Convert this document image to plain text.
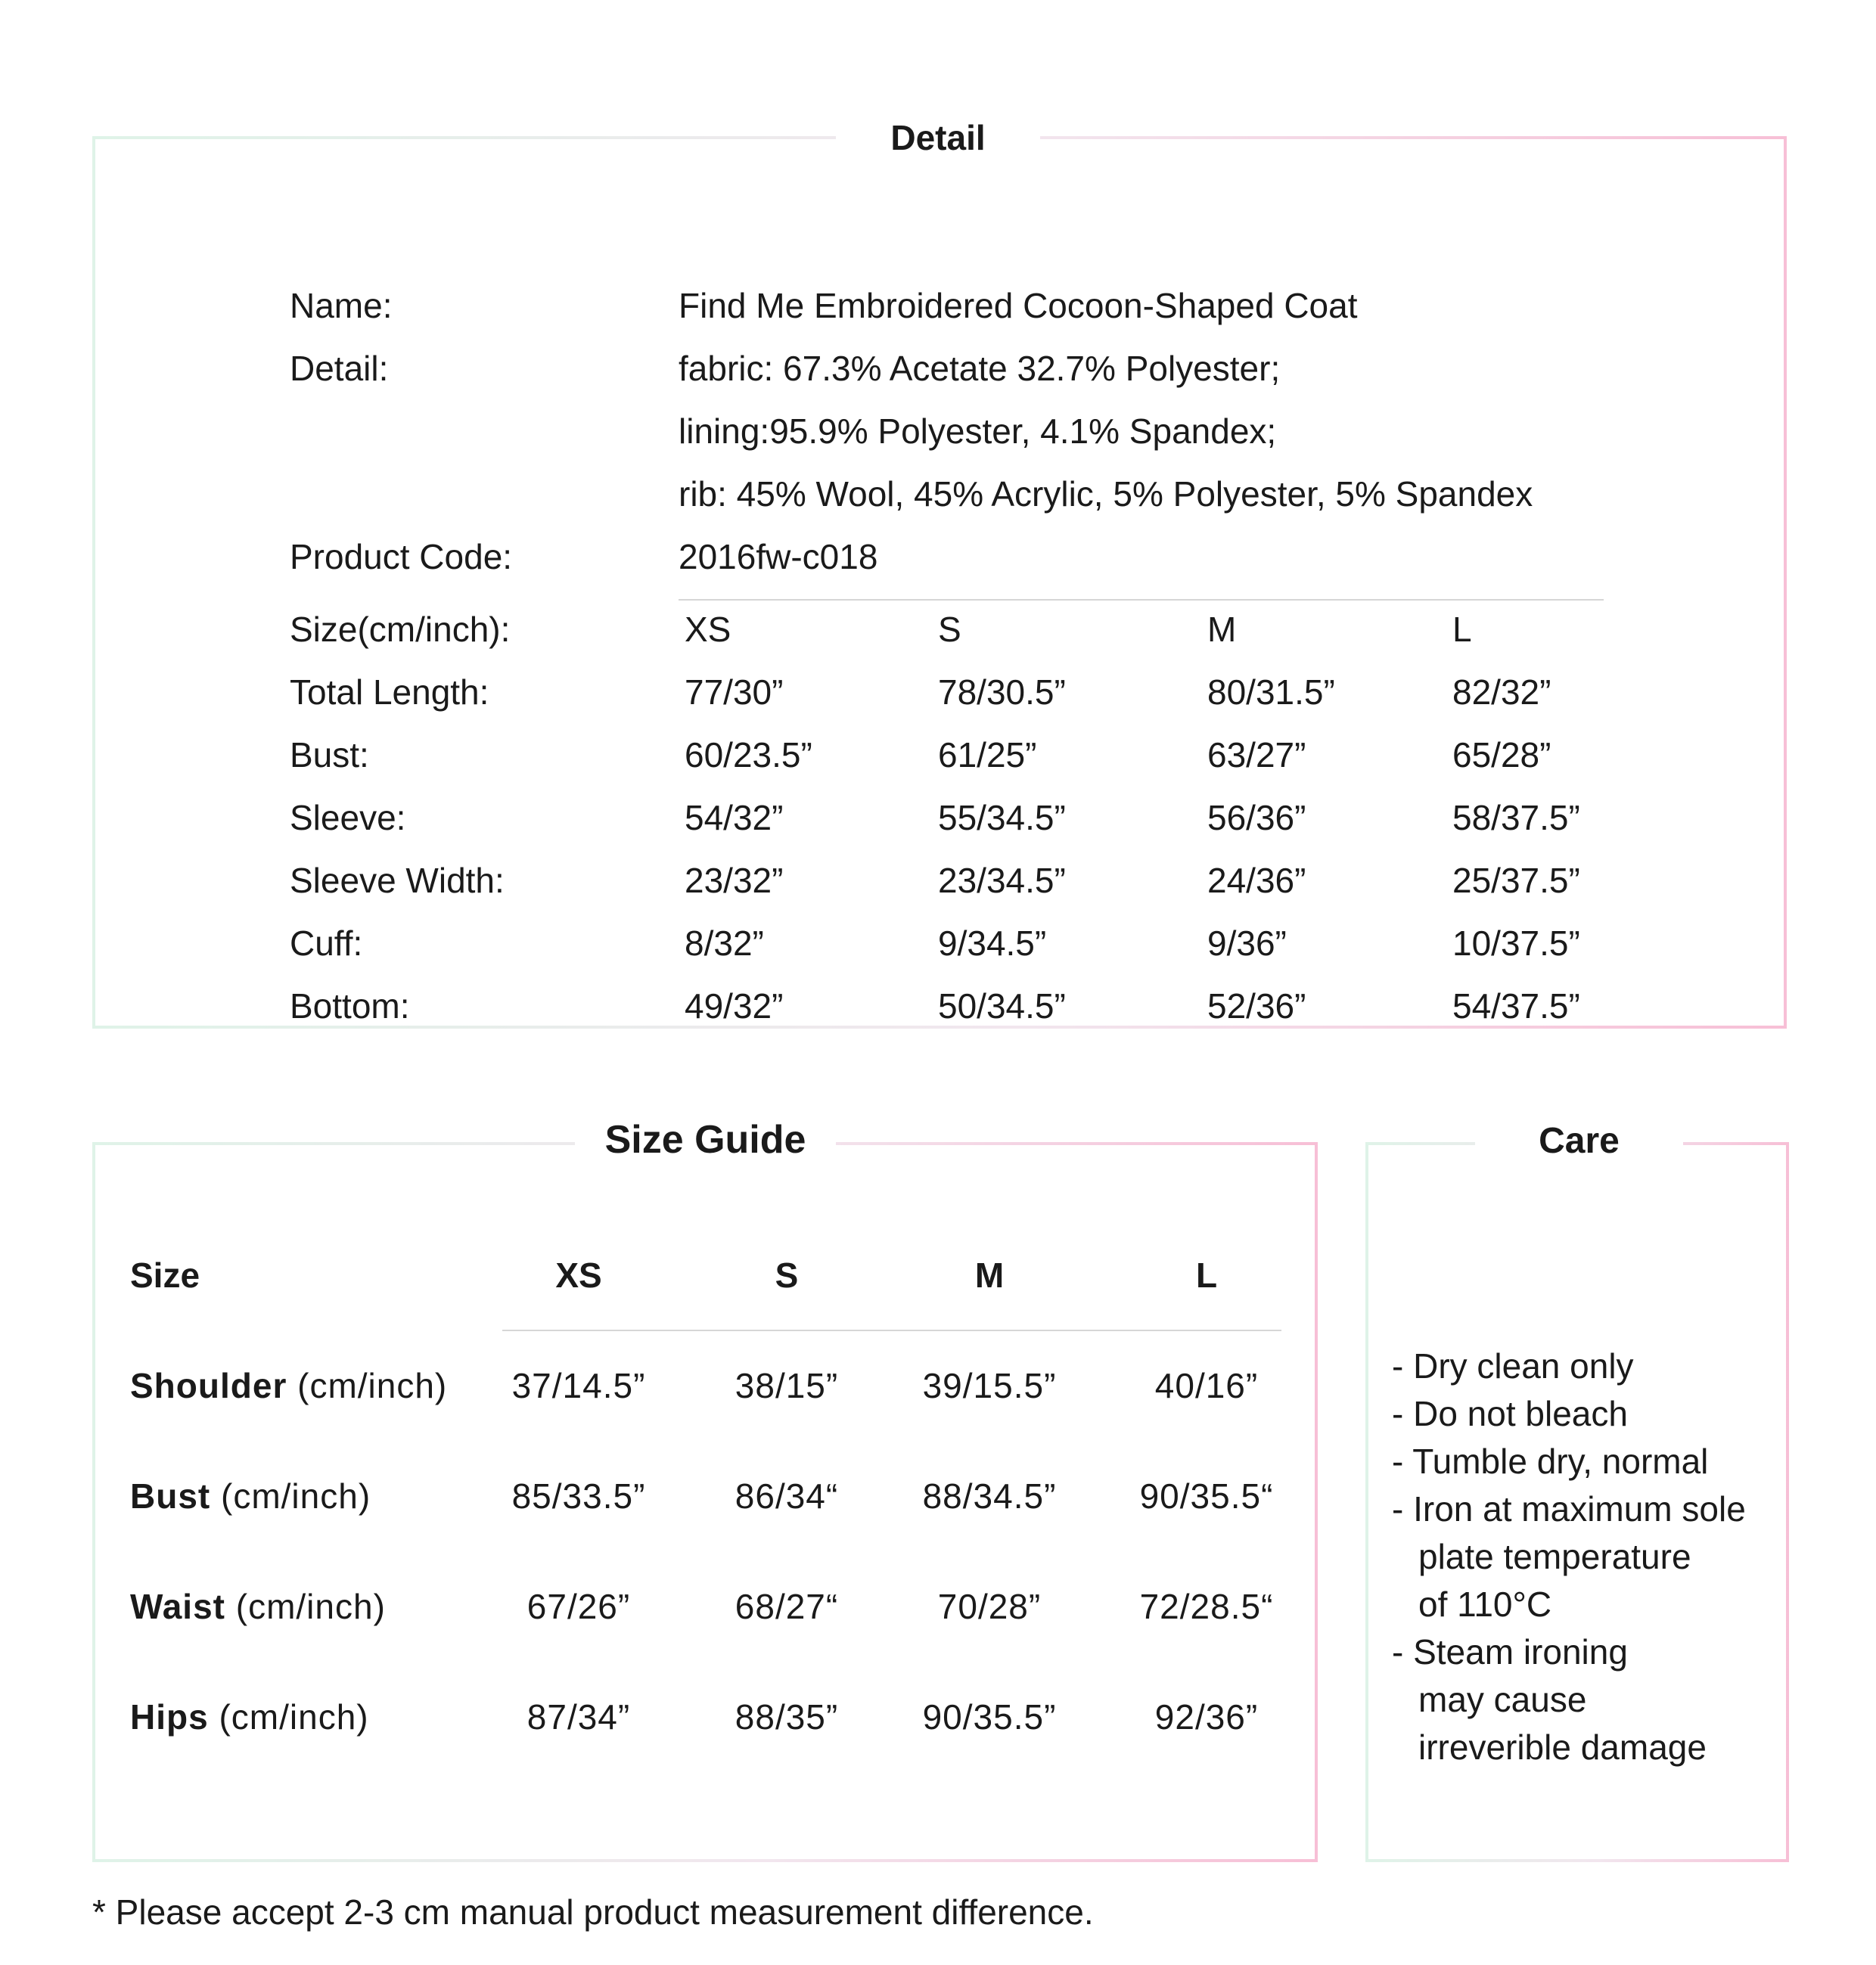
Detail
Name:	Find Me Embroidered Cocoon-Shaped Coat
Detail:	fabric: 67.3% Acetate 32.7% Polyester;
lining:95.9% Polyester, 4.1% Spandex;
rib: 45% Wool, 45% Acrylic, 5% Polyester, 5% Spandex
Product Code:	2016fw-c018
Size(cm/inch):	XS	S	M	L
Total Length:	77/30”	78/30.5”	80/31.5”	82/32”
Bust:	60/23.5”	61/25”	63/27”	65/28”
Sleeve:	54/32”	55/34.5”	56/36”	58/37.5”
Sleeve Width:	23/32”	23/34.5”	24/36”	25/37.5”
Cuff:	8/32”	9/34.5”	9/36”	10/37.5”
Bottom:	49/32”	50/34.5”	52/36”	54/37.5”
Size Guide
Size	XS	S	M	L
Shoulder (cm/inch) 37/14.5”	38/15”	39/15.5”	40/16”
Bust (cm/inch)	85/33.5”	86/34“	88/34.5” 90/35.5“
Waist (cm/inch)	67/26”	68/27“	70/28”	72/28.5“
Hips (cm/inch)	87/34”	88/35”	90/35.5”	92/36”
Care
- Dry clean only
- Do not bleach
- Tumble dry, normal
- Iron at maximum sole
plate temperature
of 110°C
- Steam ironing
may cause
irreverible damage
* Please accept 2-3 cm manual product measurement difference.
